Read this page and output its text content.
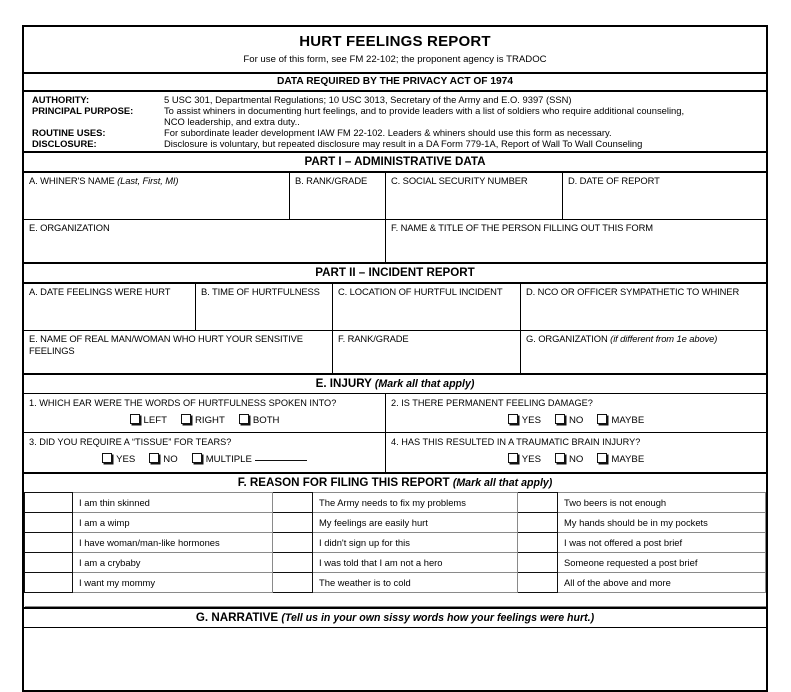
HURT FEELINGS REPORT
For use of this form, see FM 22-102; the proponent agency is TRADOC
DATA REQUIRED BY THE PRIVACY ACT OF 1974
AUTHORITY:	5 USC 301, Departmental Regulations; 10 USC 3013, Secretary of the Army and E.O. 9397 (SSN)
PRINCIPAL PURPOSE:	To assist whiners in documenting hurt feelings, and to provide leaders with a list of soldiers who require additional counseling,
NCO leadership, and extra duty..
ROUTINE USES:	For subordinate leader development IAW FM 22-102. Leaders & whiners should use this form as necessary.
DISCLOSURE:	Disclosure is voluntary, but repeated disclosure may result in a DA Form 779-1A, Report of Wall To Wall Counseling
PART I – ADMINISTRATIVE DATA
A. WHINER'S NAME (Last, First, MI)	B. RANK/GRADE	C. SOCIAL SECURITY NUMBER	D. DATE OF REPORT
E. ORGANIZATION	F. NAME & TITLE OF THE PERSON FILLING OUT THIS FORM
PART II – INCIDENT REPORT
A. DATE FEELINGS WERE HURT	B. TIME OF HURTFULNESS	C. LOCATION OF HURTFUL INCIDENT	D. NCO OR OFFICER SYMPATHETIC TO WHINER
E. NAME OF REAL MAN/WOMAN WHO HURT YOUR SENSITIVE
FEELINGS
F. RANK/GRADE	G. ORGANIZATION (if different from 1e above)
E. INJURY (Mark all that apply)
1. WHICH EAR WERE THE WORDS OF HURTFULNESS SPOKEN INTO?
LEFT	RIGHT	BOTH
2. IS THERE PERMANENT FEELING DAMAGE?
YES	NO	MAYBE
3. DID YOU REQUIRE A “TISSUE” FOR TEARS?
YES	NO	MULTIPLE
4. HAS THIS RESULTED IN A TRAUMATIC BRAIN INJURY?
YES	NO	MAYBE
F. REASON FOR FILING THIS REPORT (Mark all that apply)
	I am thin skinned		The Army needs to fix my problems		Two beers is not enough
	I am a wimp		My feelings are easily hurt		My hands should be in my pockets
	I have woman/man-like hormones		I didn't sign up for this		I was not offered a post brief
	I am a crybaby		I was told that I am not a hero		Someone requested a post brief
	I want my mommy		The weather is to cold		All of the above and more

G. NARRATIVE (Tell us in your own sissy words how your feelings were hurt.)
